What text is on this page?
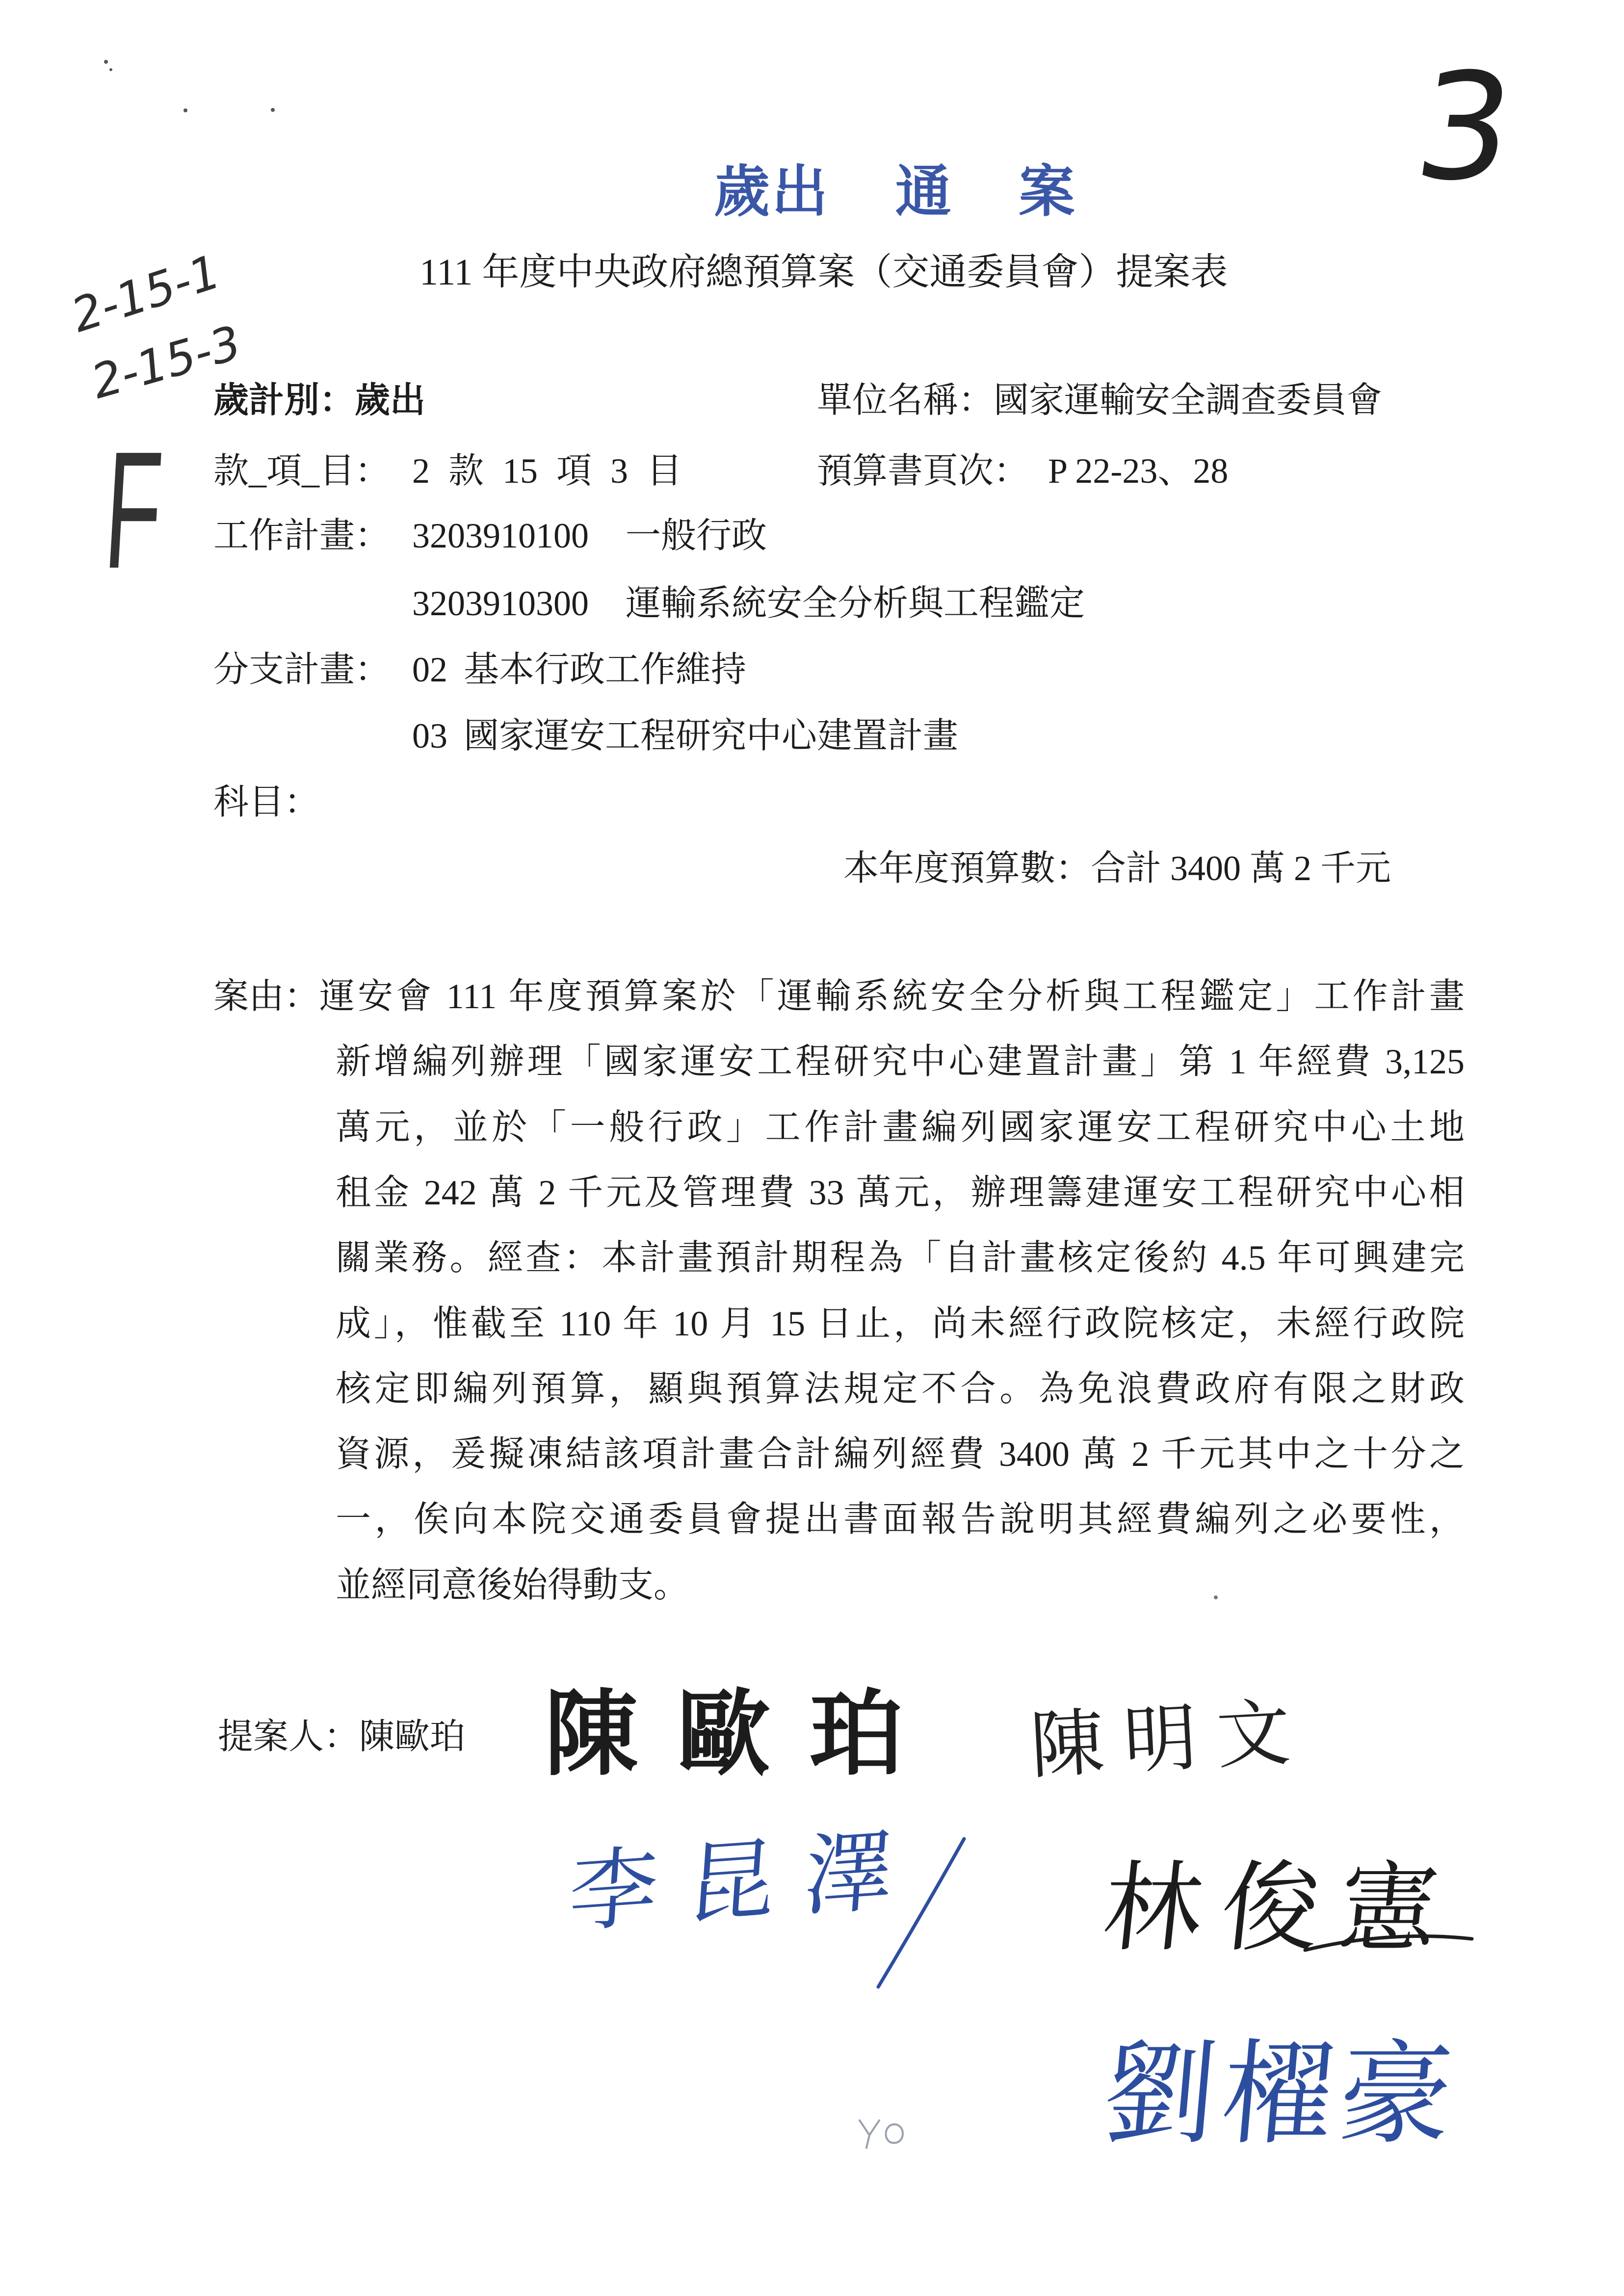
3
2-15-1
2-15-3
F
歲出 通 案
111 年度中央政府總預算案（交通委員會）提案表
歲計別：歲出	單位名稱：國家運輸安全調查委員會
款_項_目： 2 款 15 項 3 目	預算書頁次： P 22-23、28
工作計畫： 3203910100 一般行政
3203910300 運輸系統安全分析與工程鑑定
分支計畫： 02 基本行政工作維持
03 國家運安工程研究中心建置計畫
科目：
本年度預算數：合計 3400 萬 2 千元
案由： 運安會 111 年度預算案於「運輸系統安全分析與工程鑑定」工作計畫
新增編列辦理「國家運安工程研究中心建置計畫」第 1 年經費 3,125
萬元，並於「一般行政」工作計畫編列國家運安工程研究中心土地
租金 242 萬 2 千元及管理費 33 萬元，辦理籌建運安工程研究中心相
關業務。經查：本計畫預計期程為「自計畫核定後約 4.5 年可興建完
成」，惟截至 110 年 10 月 15 日止，尚未經行政院核定，未經行政院
核定即編列預算，顯與預算法規定不合。為免浪費政府有限之財政
資源，爰擬凍結該項計畫合計編列經費 3400 萬 2 千元其中之十分之
一，俟向本院交通委員會提出書面報告說明其經費編列之必要性，
並經同意後始得動支。
提案人：陳歐珀 陳歐珀 陳明文
李昆澤 林俊憲
劉櫂豪
